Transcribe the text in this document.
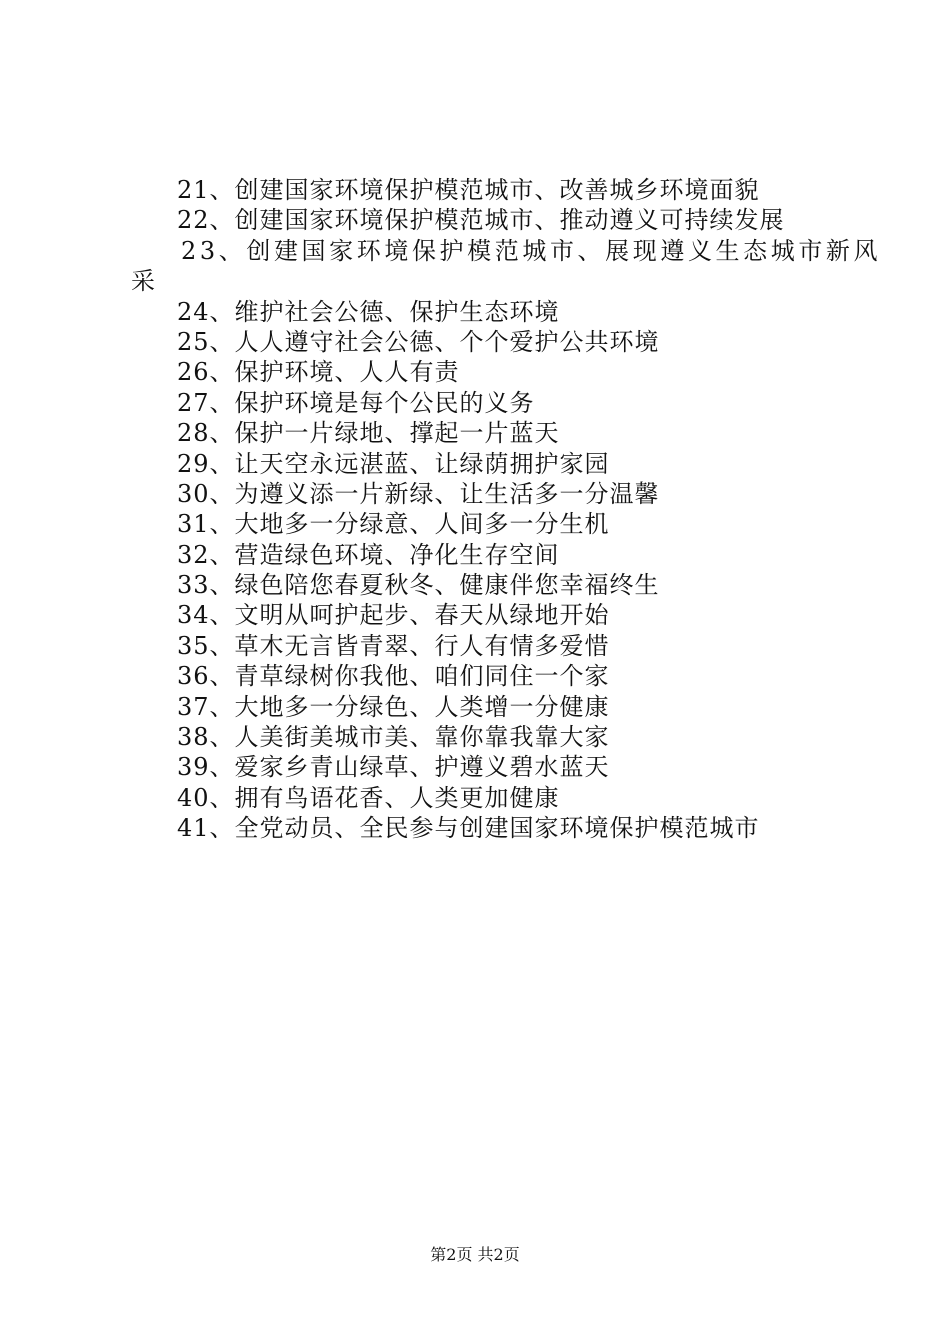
21、创建国家环境保护模范城市、改善城乡环境面貌
22、创建国家环境保护模范城市、推动遵义可持续发展
23、创建国家环境保护模范城市、展现遵义生态城市新风
采
24、维护社会公德、保护生态环境
25、人人遵守社会公德、个个爱护公共环境
26、保护环境、人人有责
27、保护环境是每个公民的义务
28、保护一片绿地、撑起一片蓝天
29、让天空永远湛蓝、让绿荫拥护家园
30、为遵义添一片新绿、让生活多一分温馨
31、大地多一分绿意、人间多一分生机
32、营造绿色环境、净化生存空间
33、绿色陪您春夏秋冬、健康伴您幸福终生
34、文明从呵护起步、春天从绿地开始
35、草木无言皆青翠、行人有情多爱惜
36、青草绿树你我他、咱们同住一个家
37、大地多一分绿色、人类增一分健康
38、人美街美城市美、靠你靠我靠大家
39、爱家乡青山绿草、护遵义碧水蓝天
40、拥有鸟语花香、人类更加健康
41、全党动员、全民参与创建国家环境保护模范城市
第2页 共2页
